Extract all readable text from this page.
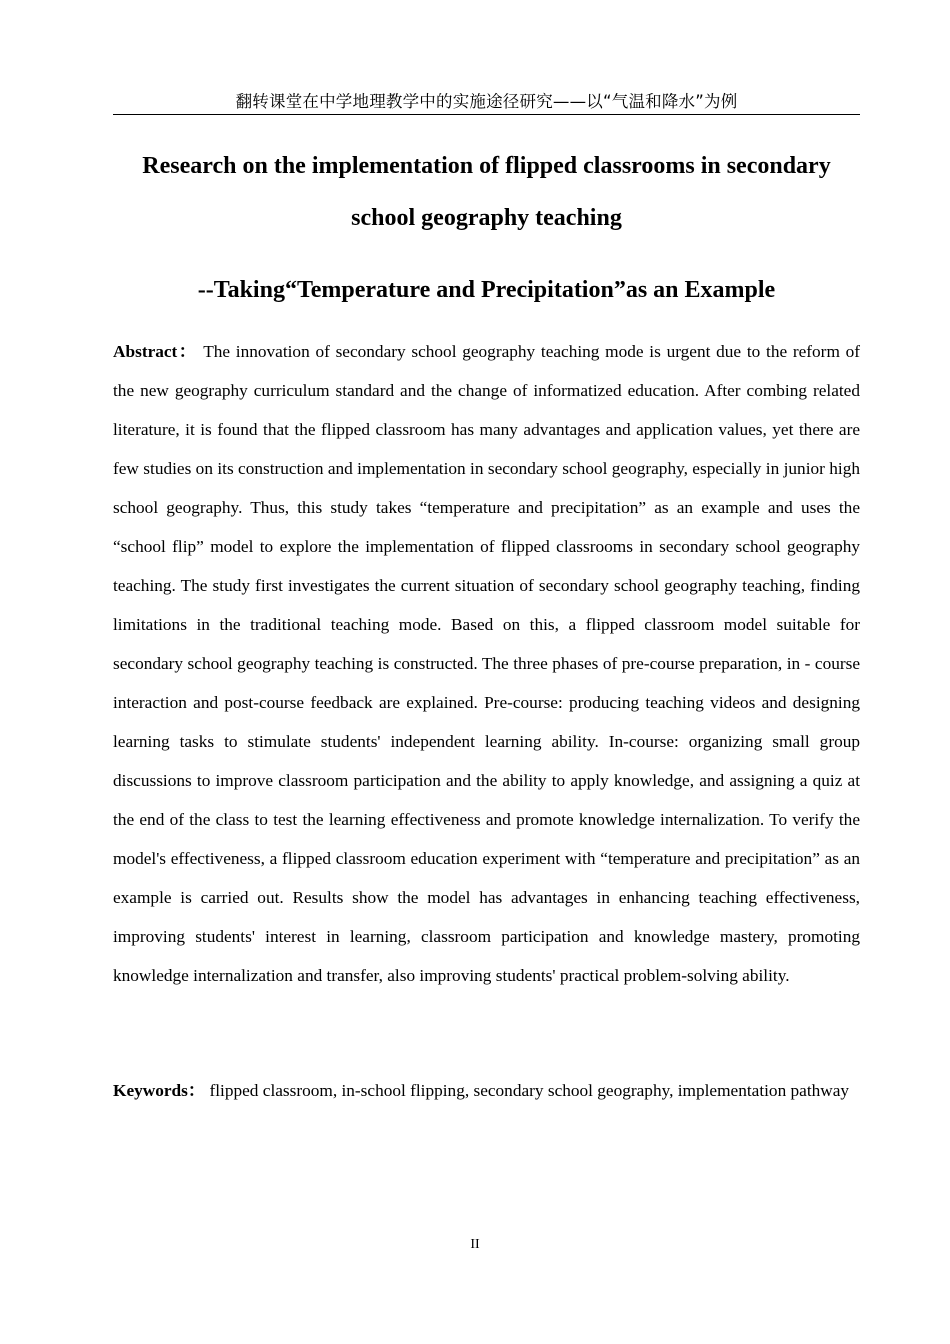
翻转课堂在中学地理教学中的实施途径研究——以“气温和降水”为例
Research on the implementation of flipped classrooms in secondary
school geography teaching
--Taking“Temperature and Precipitation”as an Example

Abstract： The innovation of secondary school geography teaching mode is urgent due to the reform of the new geography curriculum standard and the change of informatized education. After combing related literature, it is found that the flipped classroom has many advantages and application values, yet there are few studies on its construction and implementation in secondary school geography, especially in junior high school geography. Thus, this study takes “temperature and precipitation” as an example and uses the “school flip” model to explore the implementation of flipped classrooms in secondary school geography teaching. The study first investigates the current situation of secondary school geography teaching, finding limitations in the traditional teaching mode. Based on this, a flipped classroom model suitable for secondary school geography teaching is constructed. The three phases of pre-course preparation, in - course interaction and post-course feedback are explained. Pre-course: producing teaching videos and designing learning tasks to stimulate students' independent learning ability. In-course: organizing small group discussions to improve classroom participation and the ability to apply knowledge, and assigning a quiz at the end of the class to test the learning effectiveness and promote knowledge internalization. To verify the model's effectiveness, a flipped classroom education experiment with “temperature and precipitation” as an example is carried out. Results show the model has advantages in enhancing teaching effectiveness, improving students' interest in learning, classroom participation and knowledge mastery, promoting knowledge internalization and transfer, also improving students' practical problem-solving ability.

Keywords： flipped classroom, in-school flipping, secondary school geography, implementation pathway

II
